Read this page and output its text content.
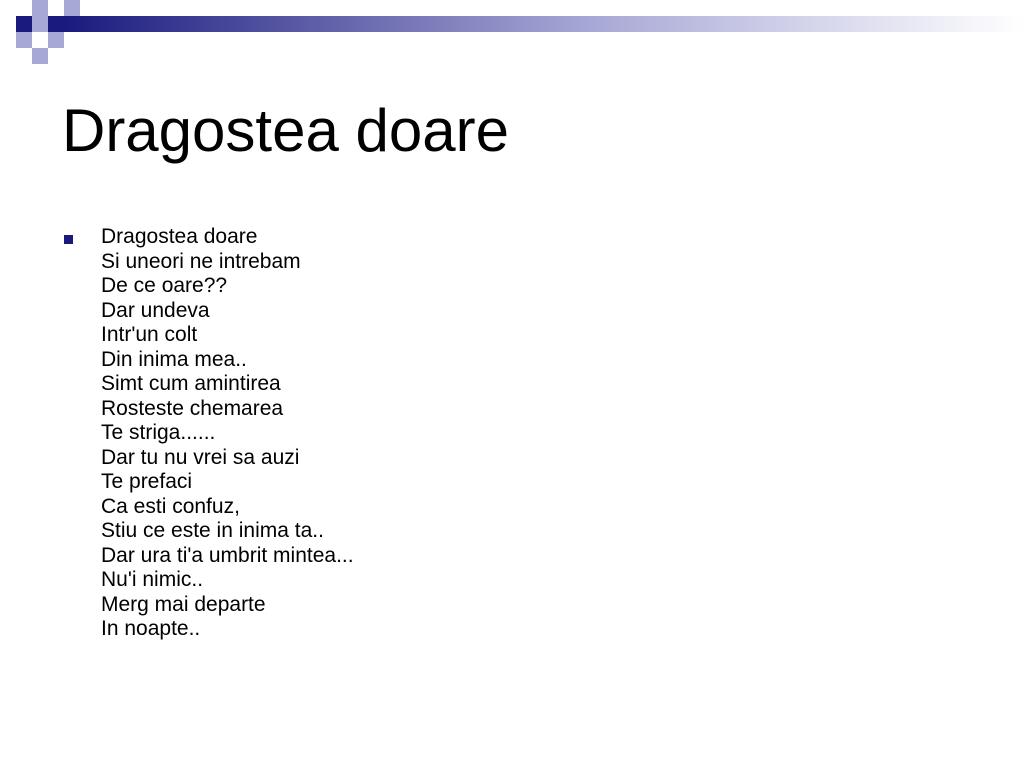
Dragostea doare
Dragostea doare
Si uneori ne intrebam
De ce oare??
Dar undeva
Intr'un colt
Din inima mea..
Simt cum amintirea
Rosteste chemarea
Te striga......
Dar tu nu vrei sa auzi
Te prefaci
Ca esti confuz,
Stiu ce este in inima ta..
Dar ura ti'a umbrit mintea...
Nu'i nimic..
Merg mai departe
In noapte..
